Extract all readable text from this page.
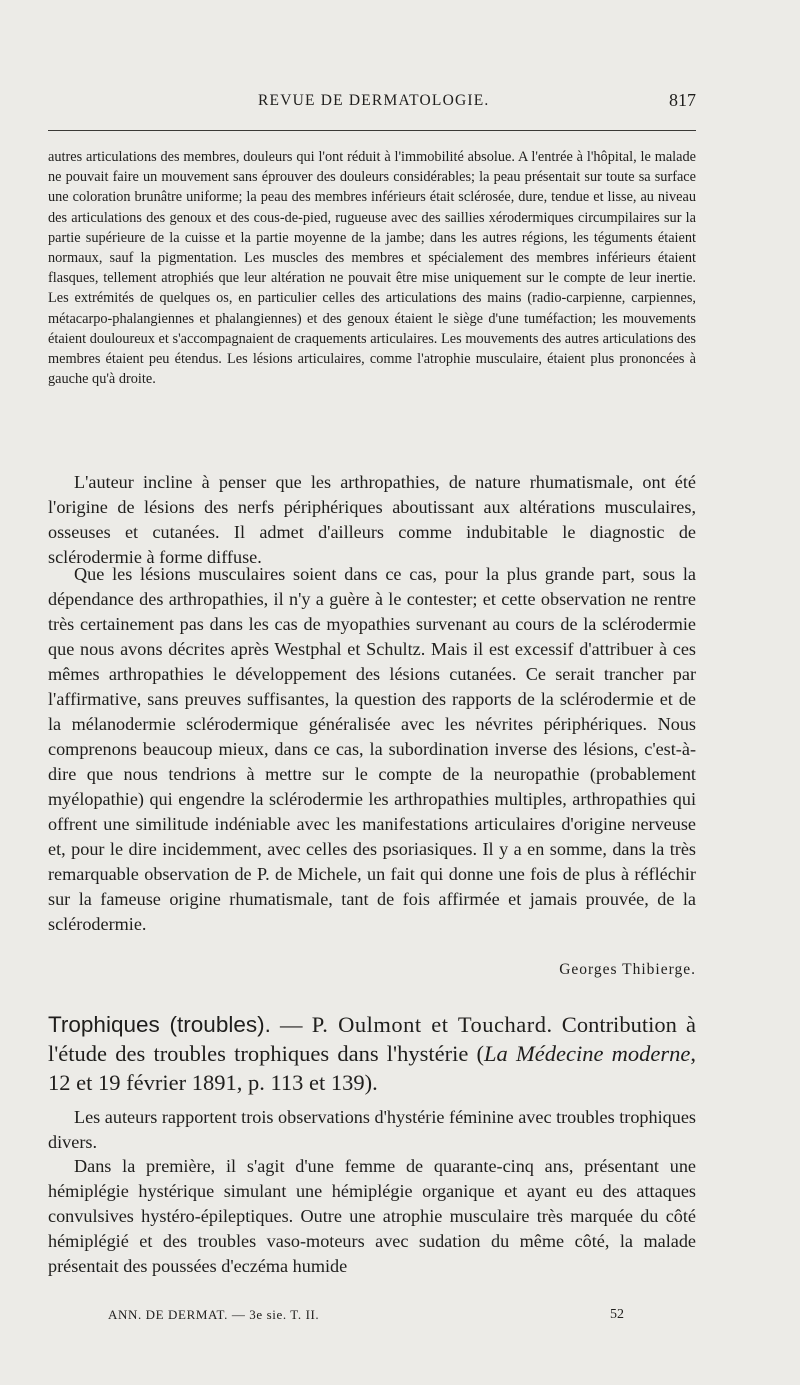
REVUE DE DERMATOLOGIE.	817

autres articulations des membres, douleurs qui l'ont réduit à l'immobilité absolue. A l'entrée à l'hôpital, le malade ne pouvait faire un mouvement sans éprouver des douleurs considérables; la peau présentait sur toute sa surface une coloration brunâtre uniforme; la peau des membres inférieurs était sclérosée, dure, tendue et lisse, au niveau des articulations des genoux et des cous-de-pied, rugueuse avec des saillies xérodermiques circumpilaires sur la partie supérieure de la cuisse et la partie moyenne de la jambe; dans les autres régions, les téguments étaient normaux, sauf la pigmentation. Les muscles des membres et spécialement des membres inférieurs étaient flasques, tellement atrophiés que leur altération ne pouvait être mise uniquement sur le compte de leur inertie. Les extrémités de quelques os, en particulier celles des articulations des mains (radio-carpienne, carpiennes, métacarpo-phalangiennes et phalangiennes) et des genoux étaient le siège d'une tuméfaction; les mouvements étaient douloureux et s'accompagnaient de craquements articulaires. Les mouvements des autres articulations des membres étaient peu étendus. Les lésions articulaires, comme l'atrophie musculaire, étaient plus prononcées à gauche qu'à droite.

L'auteur incline à penser que les arthropathies, de nature rhumatismale, ont été l'origine de lésions des nerfs périphériques aboutissant aux altérations musculaires, osseuses et cutanées. Il admet d'ailleurs comme indubitable le diagnostic de sclérodermie à forme diffuse.

Que les lésions musculaires soient dans ce cas, pour la plus grande part, sous la dépendance des arthropathies, il n'y a guère à le contester; et cette observation ne rentre très certainement pas dans les cas de myopathies survenant au cours de la sclérodermie que nous avons décrites après Westphal et Schultz. Mais il est excessif d'attribuer à ces mêmes arthropathies le développement des lésions cutanées. Ce serait trancher par l'affirmative, sans preuves suffisantes, la question des rapports de la sclérodermie et de la mélanodermie sclérodermique généralisée avec les névrites périphériques. Nous comprenons beaucoup mieux, dans ce cas, la subordination inverse des lésions, c'est-à-dire que nous tendrions à mettre sur le compte de la neuropathie (probablement myélopathie) qui engendre la sclérodermie les arthropathies multiples, arthropathies qui offrent une similitude indéniable avec les manifestations articulaires d'origine nerveuse et, pour le dire incidemment, avec celles des psoriasiques. Il y a en somme, dans la très remarquable observation de P. de Michele, un fait qui donne une fois de plus à réfléchir sur la fameuse origine rhumatismale, tant de fois affirmée et jamais prouvée, de la sclérodermie.

Georges Thibierge.

Trophiques (troubles). — P. Oulmont et Touchard. Contribution à l'étude des troubles trophiques dans l'hystérie (La Médecine moderne, 12 et 19 février 1891, p. 113 et 139).

Les auteurs rapportent trois observations d'hystérie féminine avec troubles trophiques divers.

Dans la première, il s'agit d'une femme de quarante-cinq ans, présentant une hémiplégie hystérique simulant une hémiplégie organique et ayant eu des attaques convulsives hystéro-épileptiques. Outre une atrophie musculaire très marquée du côté hémiplégié et des troubles vaso-moteurs avec sudation du même côté, la malade présentait des poussées d'eczéma humide

ANN. DE DERMAT. — 3e sie. T. II.	52
